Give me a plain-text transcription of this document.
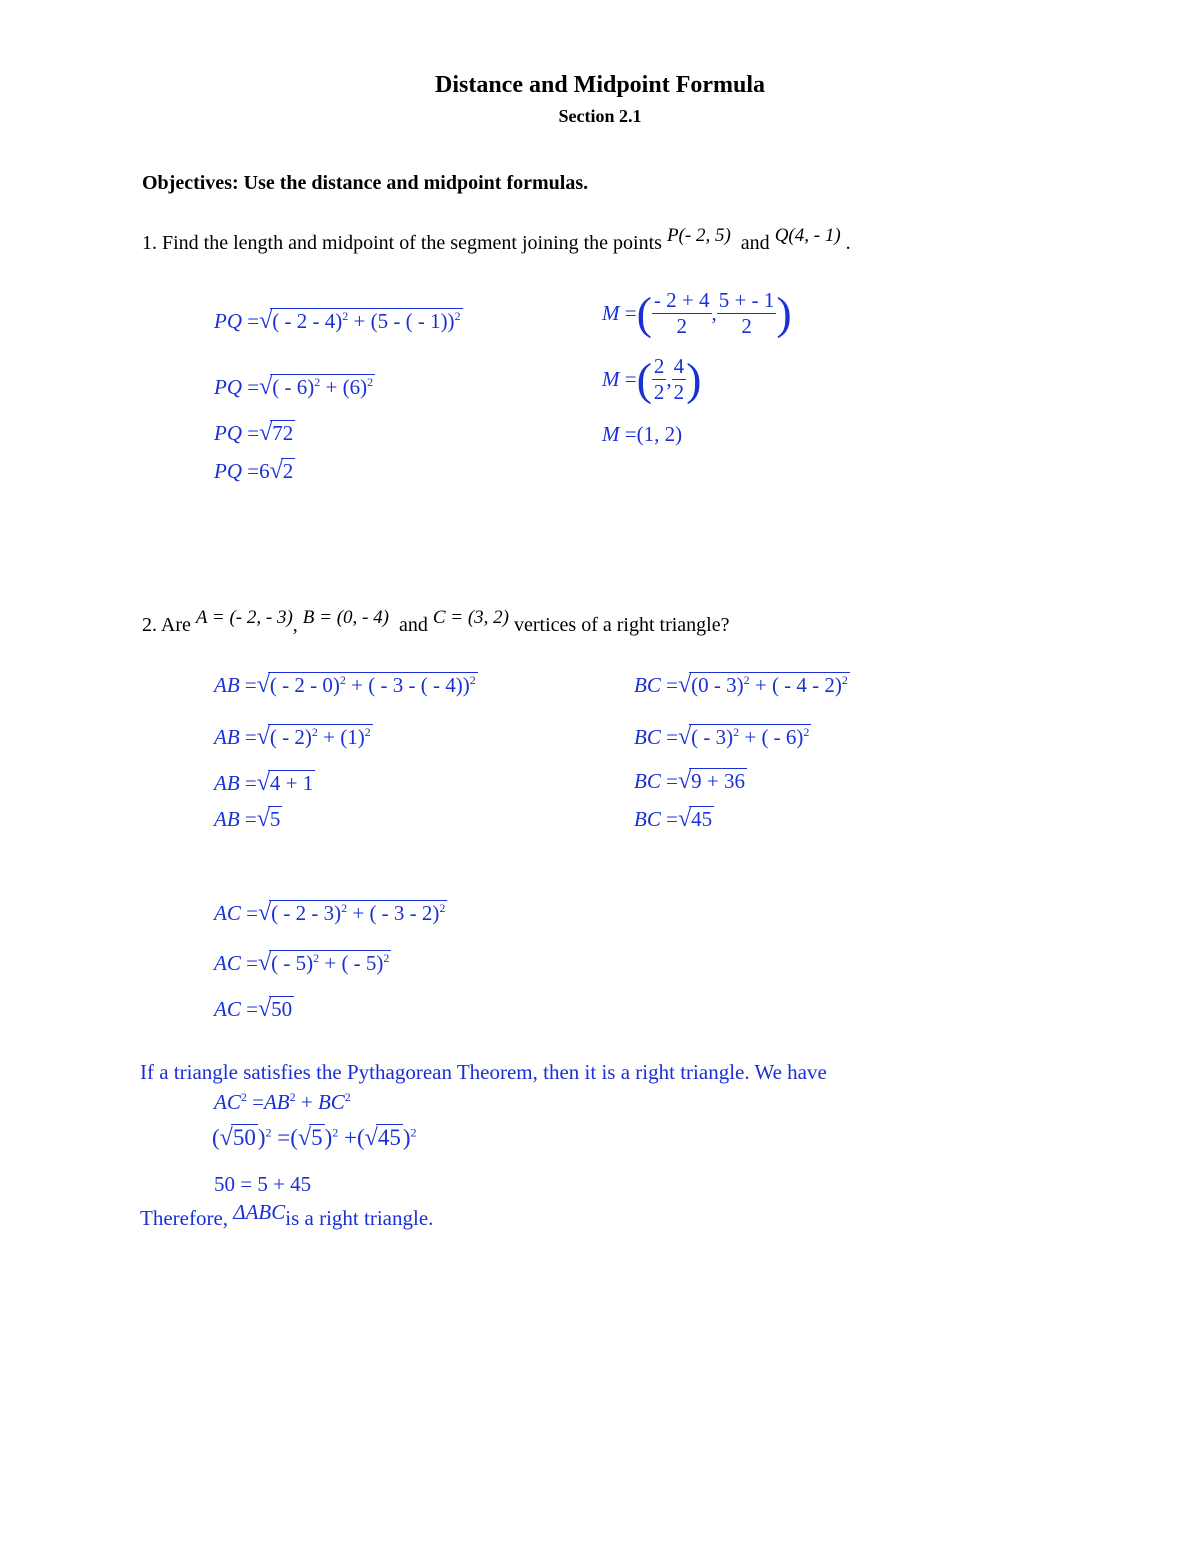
Distance and Midpoint Formula
Section 2.1
Objectives: Use the distance and midpoint formulas.
1. Find the length and midpoint of the segment joining the points P(- 2, 5) and Q(4, - 1) .
PQ =√( - 2 - 4)$^2$ + (5 - ( - 1))$^2$
PQ =√( - $6)^2 + (6)^2$
PQ =√72
PQ =6√2
M =( $\frac{- 2 + 4}{2}$ , $\frac{5 + - 1}{2}$ )
M =( $\frac{2}{2}$ , $\frac{4}{2}$ )
M =(1, 2)
2. Are A = (- 2, - 3), B = (0, - 4) and C = (3, 2) vertices of a right triangle?
AB =√( - 2 - 0)$^2$ + ( - 3 - ( - 4))$^2$
AB =√( - $2)^2 + (1)^2$
AB =√4 + 1
AB =√5
BC =√(0 - 3)$^2$ + ( - 4 - 2)$^2$
BC =√( - 3)$^2$ + ( - 6)$^2$
BC =√9 + 36
BC =√45
AC =√( - 2 - 3)$^2$ + ( - 3 - 2)$^2$
AC =√( - 5)$^2$ + ( - 5)$^2$
AC =√50
If a triangle satisfies the Pythagorean Theorem, then it is a right triangle. We have
$AC^2 =AB^2 + BC^2$
$(√50)^2 =(√5)^2 +(√45)^2$
50 = 5 + 45
Therefore, ΔABCis a right triangle.
